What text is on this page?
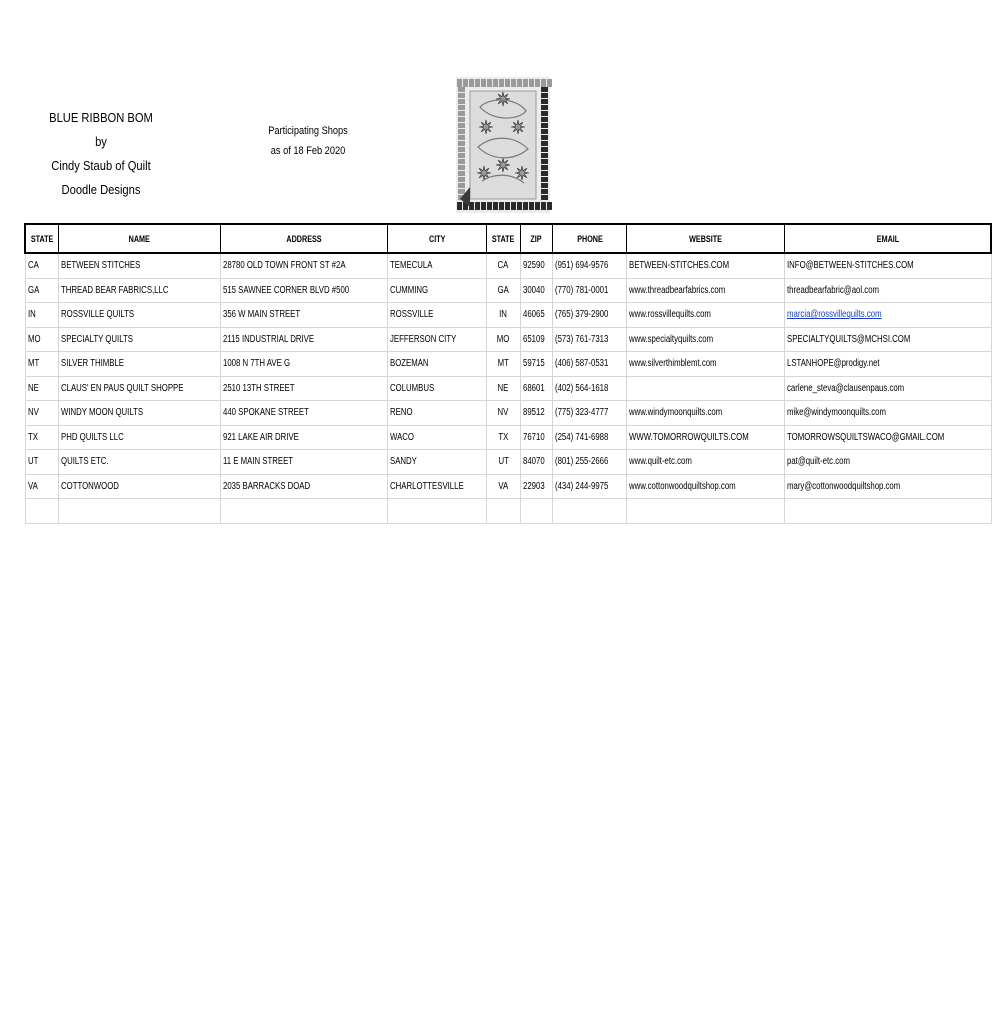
BLUE RIBBON BOM by
Cindy Staub of Quilt
Doodle Designs
Participating Shops
as of 18 Feb 2020
STATE	NAME	ADDRESS	CITY	STATE	ZIP	PHONE	WEBSITE	EMAIL
CA	BETWEEN STITCHES	28780 OLD TOWN FRONT ST #2A	TEMECULA	CA	92590	(951) 694-9576	BETWEEN-STITCHES.COM	INFO@BETWEEN-STITCHES.COM
GA	THREAD BEAR FABRICS,LLC	515 SAWNEE CORNER BLVD #500	CUMMING	GA	30040	(770) 781-0001	www.threadbearfabrics.com	threadbearfabric@aol.com
IN	ROSSVILLE QUILTS	356 W MAIN STREET	ROSSVILLE	IN	46065	(765) 379-2900	www.rossvillequilts.com	marcia@rossvillequilts.com
MO	SPECIALTY QUILTS	2115 INDUSTRIAL DRIVE	JEFFERSON CITY	MO	65109	(573) 761-7313	www.specialtyquilts.com	SPECIALTYQUILTS@MCHSI.COM
MT	SILVER THIMBLE	1008 N 7TH AVE G	BOZEMAN	MT	59715	(406) 587-0531	www.silverthimblemt.com	LSTANHOPE@prodigy.net
NE	CLAUS' EN PAUS QUILT SHOPPE	2510 13TH STREET	COLUMBUS	NE	68601	(402) 564-1618		carlene_steva@clausenpaus.com
NV	WINDY MOON QUILTS	440 SPOKANE STREET	RENO	NV	89512	(775) 323-4777	www.windymoonquilts.com	mike@windymoonquilts.com
TX	PHD QUILTS LLC	921 LAKE AIR DRIVE	WACO	TX	76710	(254) 741-6988	WWW.TOMORROWQUILTS.COM	TOMORROWSQUILTSWACO@GMAIL.COM
UT	QUILTS ETC.	11 E MAIN STREET	SANDY	UT	84070	(801) 255-2666	www.quilt-etc.com	pat@quilt-etc.com
VA	COTTONWOOD	2035 BARRACKS DOAD	CHARLOTTESVILLE	VA	22903	(434) 244-9975	www.cottonwoodquiltshop.com	mary@cottonwoodquiltshop.com
